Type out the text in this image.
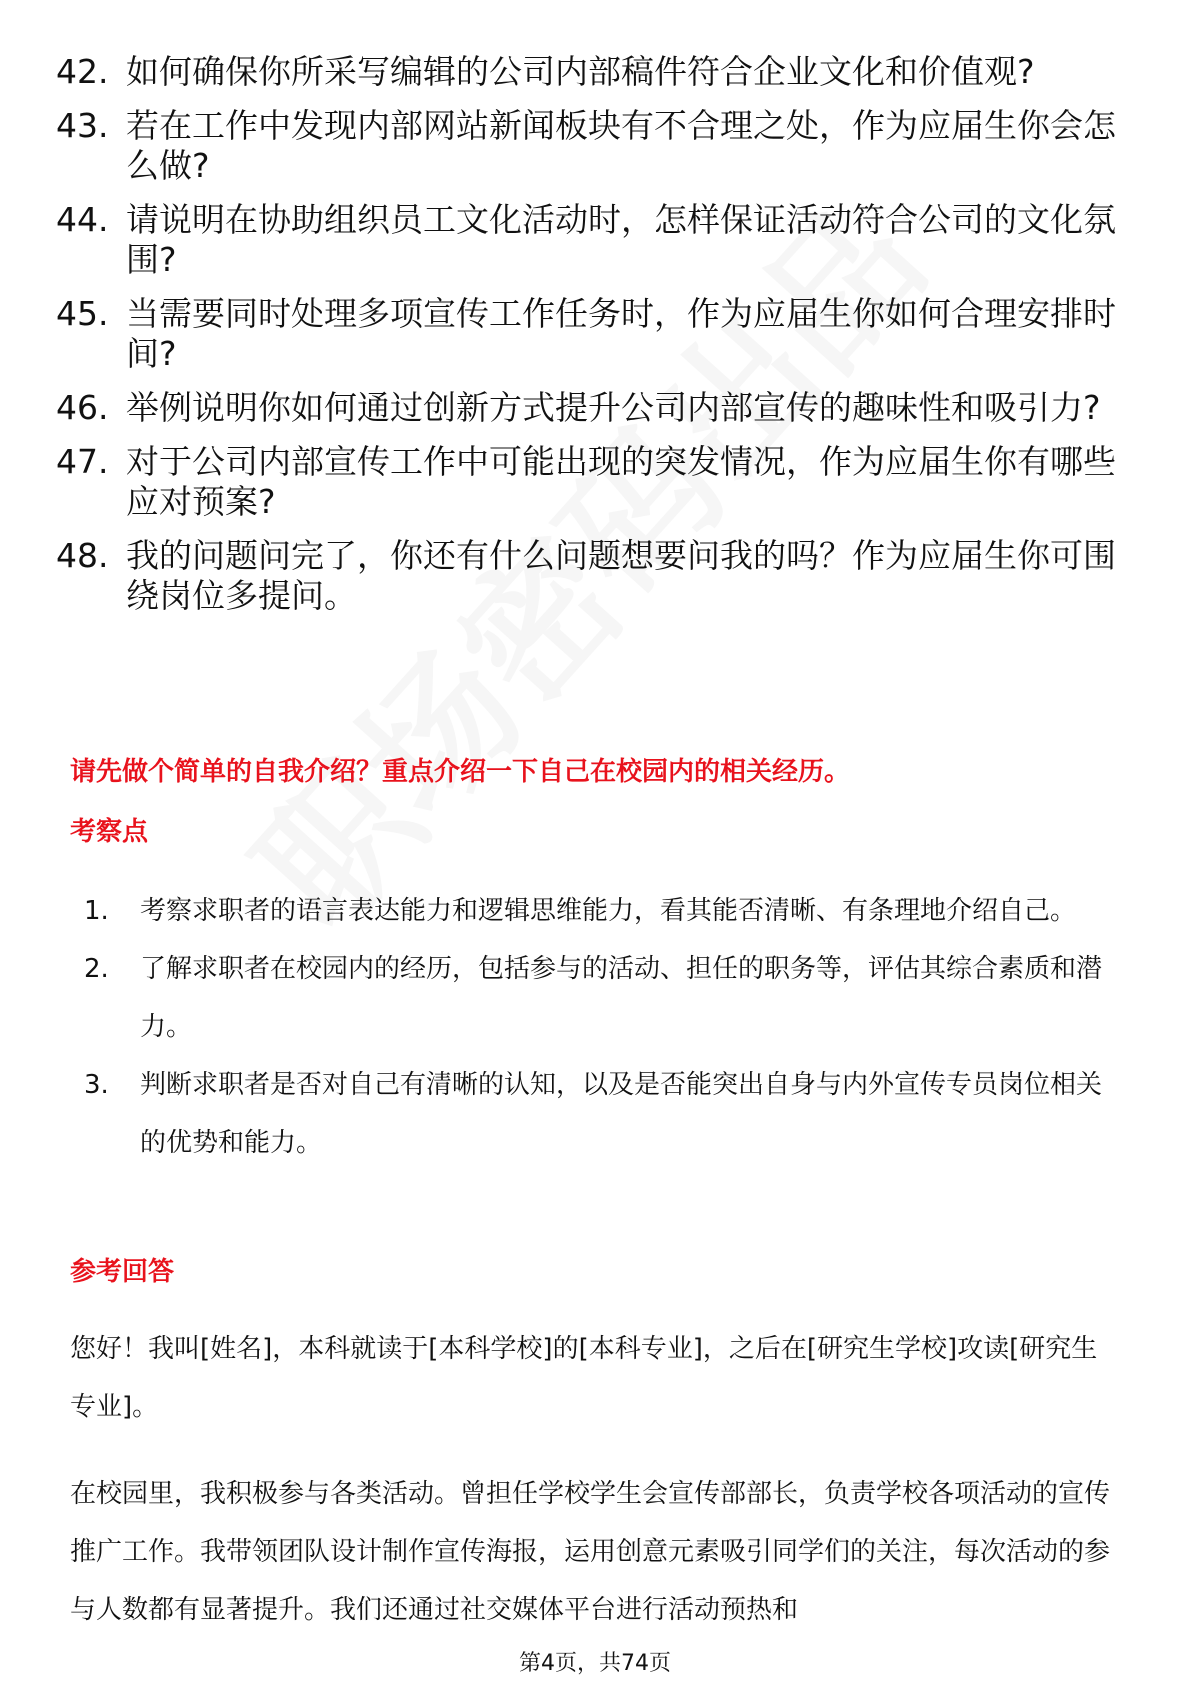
42. 如何确保你所采写编辑的公司内部稿件符合企业文化和价值观?
43. 若在工作中发现内部网站新闻板块有不合理之处，作为应届生你会怎么做?
44. 请说明在协助组织员工文化活动时，怎样保证活动符合公司的文化氛围?
45. 当需要同时处理多项宣传工作任务时，作为应届生你如何合理安排时间?
46. 举例说明你如何通过创新方式提升公司内部宣传的趣味性和吸引力?
47. 对于公司内部宣传工作中可能出现的突发情况，作为应届生你有哪些应对预案?
48. 我的问题问完了，你还有什么问题想要问我的吗？作为应届生你可围绕岗位多提问。
请先做个简单的自我介绍？重点介绍一下自己在校园内的相关经历。
考察点
1.	考察求职者的语言表达能力和逻辑思维能力，看其能否清晰、有条理地介绍自己。
2.	了解求职者在校园内的经历，包括参与的活动、担任的职务等，评估其综合素质和潜力。
3.	判断求职者是否对自己有清晰的认知，以及是否能突出自身与内外宣传专员岗位相关的优势和能力。
参考回答
您好！我叫[姓名]，本科就读于[本科学校]的[本科专业]，之后在[研究生学校]攻读[研究生专业]。
在校园里，我积极参与各类活动。曾担任学校学生会宣传部部长，负责学校各项活动的宣传推广工作。我带领团队设计制作宣传海报，运用创意元素吸引同学们的关注，每次活动的参与人数都有显著提升。我们还通过社交媒体平台进行活动预热和
第4页，共74页
